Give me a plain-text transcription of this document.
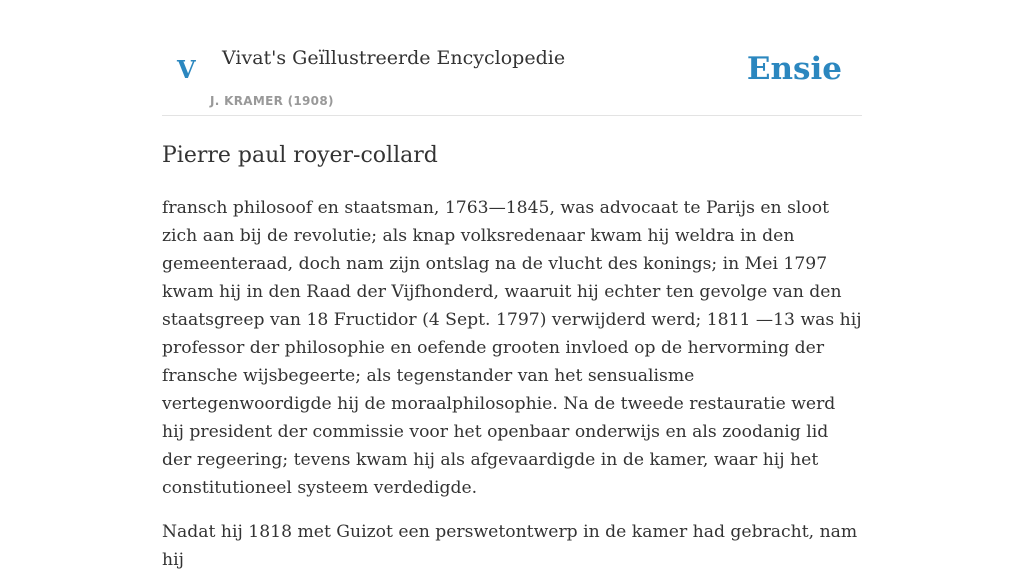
V Vivat's Geïllustreerde Encyclopedie
J. KRAMER (1908)
Ensie
Pierre paul royer-collard

fransch philosoof en staatsman, 1763—1845, was advocaat te Parijs en sloot zich aan bij de revolutie; als knap volksredenaar kwam hij weldra in den gemeenteraad, doch nam zijn ontslag na de vlucht des konings; in Mei 1797 kwam hij in den Raad der Vijfhonderd, waaruit hij echter ten gevolge van den staatsgreep van 18 Fructidor (4 Sept. 1797) verwijderd werd; 1811 —13 was hij professor der philosophie en oefende grooten invloed op de hervorming der fransche wijsbegeerte; als tegenstander van het sensualisme vertegenwoordigde hij de moraalphilosophie. Na de tweede restauratie werd hij president der commissie voor het openbaar onderwijs en als zoodanig lid der regeering; tevens kwam hij als afgevaardigde in de kamer, waar hij het constitutioneel systeem verdedigde.

Nadat hij 1818 met Guizot een perswetontwerp in de kamer had gebracht, nam hij
